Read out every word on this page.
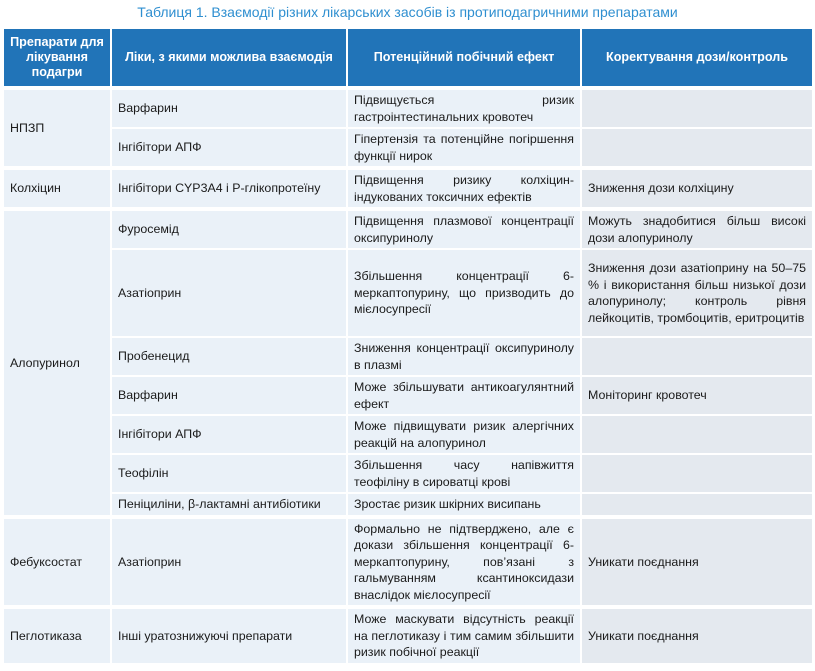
Таблиця 1. Взаємодії різних лікарських засобів із протиподагричними препаратами
Препарати для лікування подагри	Ліки, з якими можлива взаємодія	Потенційний побічний ефект	Коректування дози/контроль
НПЗП	Варфарин	Підвищується ризик гастроінтестинальних кровотеч	
	Інгібітори АПФ	Гіпертензія та потенційне погіршення функції нирок	
Колхіцин	Інгібітори CYP3A4 і P-глікопротеїну	Підвищення ризику колхіцин-індукованих токсичних ефектів	Зниження дози колхіцину
Алопуринол	Фуросемід	Підвищення плазмової концентрації оксипуринолу	Можуть знадобитися більш високі дози алопуринолу
	Азатіоприн	Збільшення концентрації 6-меркаптопурину, що призводить до мієлосупресії	Зниження дози азатіоприну на 50–75 % і використання більш низької дози алопуринолу; контроль рівня лейкоцитів, тромбоцитів, еритроцитів
	Пробенецид	Зниження концентрації оксипуринолу в плазмі	
	Варфарин	Може збільшувати антикоагулянтний ефект	Моніторинг кровотеч
	Інгібітори АПФ	Може підвищувати ризик алергічних реакцій на алопуринол	
	Теофілін	Збільшення часу напівжиття теофіліну в сироватці крові	
	Пеніциліни, β-лактамні антибіотики	Зростає ризик шкірних висипань	
Фебуксостат	Азатіоприн	Формально не підтверджено, але є докази збільшення концентрації 6-меркаптопурину, пов’язані з гальмуванням ксантиноксидази внаслідок мієлосупресії	Уникати поєднання
Пеглотиказа	Інші уратознижуючі препарати	Може маскувати відсутність реакції на пеглотиказу і тим самим збільшити ризик побічної реакції	Уникати поєднання
